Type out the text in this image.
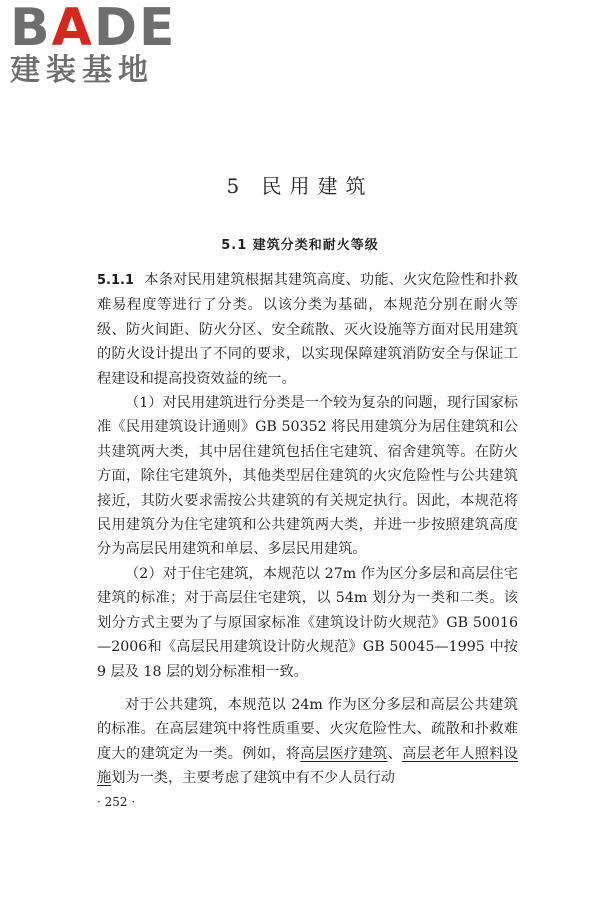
BADE
建装基地
5 民用建筑
5.1 建筑分类和耐火等级

5.1.1 本条对民用建筑根据其建筑高度、功能、火灾危险性和扑救难易程度等进行了分类。以该分类为基础，本规范分别在耐火等级、防火间距、防火分区、安全疏散、灭火设施等方面对民用建筑的防火设计提出了不同的要求，以实现保障建筑消防安全与保证工程建设和提高投资效益的统一。

（1）对民用建筑进行分类是一个较为复杂的问题，现行国家标准《民用建筑设计通则》GB 50352 将民用建筑分为居住建筑和公共建筑两大类，其中居住建筑包括住宅建筑、宿舍建筑等。在防火方面，除住宅建筑外，其他类型居住建筑的火灾危险性与公共建筑接近，其防火要求需按公共建筑的有关规定执行。因此，本规范将民用建筑分为住宅建筑和公共建筑两大类，并进一步按照建筑高度分为高层民用建筑和单层、多层民用建筑。

（2）对于住宅建筑，本规范以 27m 作为区分多层和高层住宅建筑的标准；对于高层住宅建筑，以 54m 划分为一类和二类。该划分方式主要为了与原国家标准《建筑设计防火规范》GB 50016—2006和《高层民用建筑设计防火规范》GB 50045—1995 中按 9 层及 18 层的划分标准相一致。

对于公共建筑，本规范以 24m 作为区分多层和高层公共建筑的标准。在高层建筑中将性质重要、火灾危险性大、疏散和扑救难度大的建筑定为一类。例如，将高层医疗建筑、高层老年人照料设施划为一类，主要考虑了建筑中有不少人员行动

· 252 ·
